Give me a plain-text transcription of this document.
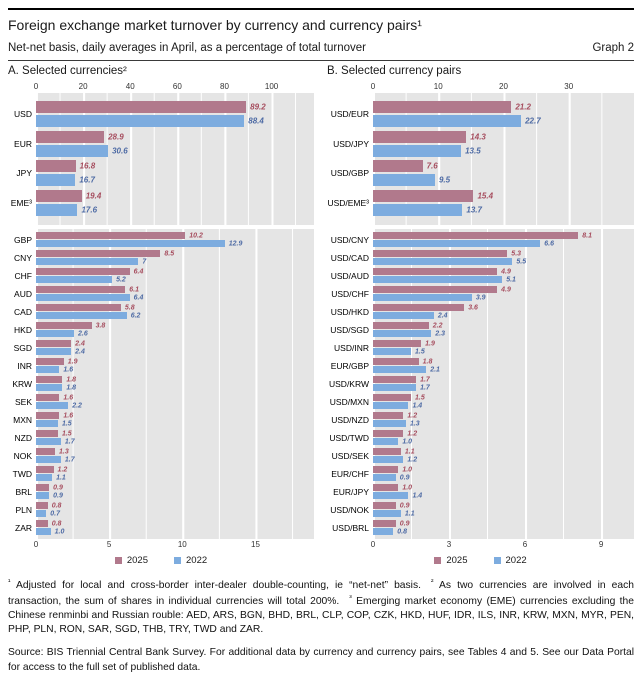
Foreign exchange market turnover by currency and currency pairs¹
Net-net basis, daily averages in April, as a percentage of total turnover	Graph 2
A. Selected currencies²
0	20	40	60	80	100
USD
EUR
JPY
EME³
89.2
88.4
28.9
30.6
16.8
16.7
19.4
17.6
GBP
CNY
CHF
AUD
CAD
HKD
SGD
INR
KRW
SEK
MXN
NZD
NOK
TWD
BRL
PLN
ZAR
10.2
12.9
8.5
7
6.4
5.2
6.1
6.4
5.8
6.2
3.8
2.6
2.4
2.4
1.9
1.6
1.8
1.8
1.6
2.2
1.6
1.5
1.5
1.7
1.3
1.7
1.2
1.1
0.9
0.9
0.8
0.7
0.8
1.0
0	5	10	15
2025	2022
B. Selected currency pairs
0	10	20	30
USD/EUR
USD/JPY
USD/GBP
USD/EME³
21.2
22.7
14.3
13.5
7.6
9.5
15.4
13.7
USD/CNY
USD/CAD
USD/AUD
USD/CHF
USD/HKD
USD/SGD
USD/INR
EUR/GBP
USD/KRW
USD/MXN
USD/NZD
USD/TWD
USD/SEK
EUR/CHF
EUR/JPY
USD/NOK
USD/BRL
8.1
6.6
5.3
5.5
4.9
5.1
4.9
3.9
3.6
2.4
2.2
2.3
1.9
1.5
1.8
2.1
1.7
1.7
1.5
1.4
1.2
1.3
1.2
1.0
1.1
1.2
1.0
0.9
1.0
1.4
0.9
1.1
0.9
0.8
0	3	6	9
2025	2022
$^{^1}$ Adjusted for local and cross-border inter-dealer double-counting, ie “net-net” basis. $^{^2}$ As two currencies are involved in each transaction, the sum of shares in individual currencies will total 200%. $^{^3}$ Emerging market economy (EME) currencies excluding the Chinese renminbi and Russian rouble: AED, ARS, BGN, BHD, BRL, CLP, COP, CZK, HKD, HUF, IDR, ILS, INR, KRW, MXN, MYR, PEN, PHP, PLN, RON, SAR, SGD, THB, TRY, TWD and ZAR.
Source: BIS Triennial Central Bank Survey. For additional data by currency and currency pairs, see Tables 4 and 5. See our Data Portal for access to the full set of published data.
